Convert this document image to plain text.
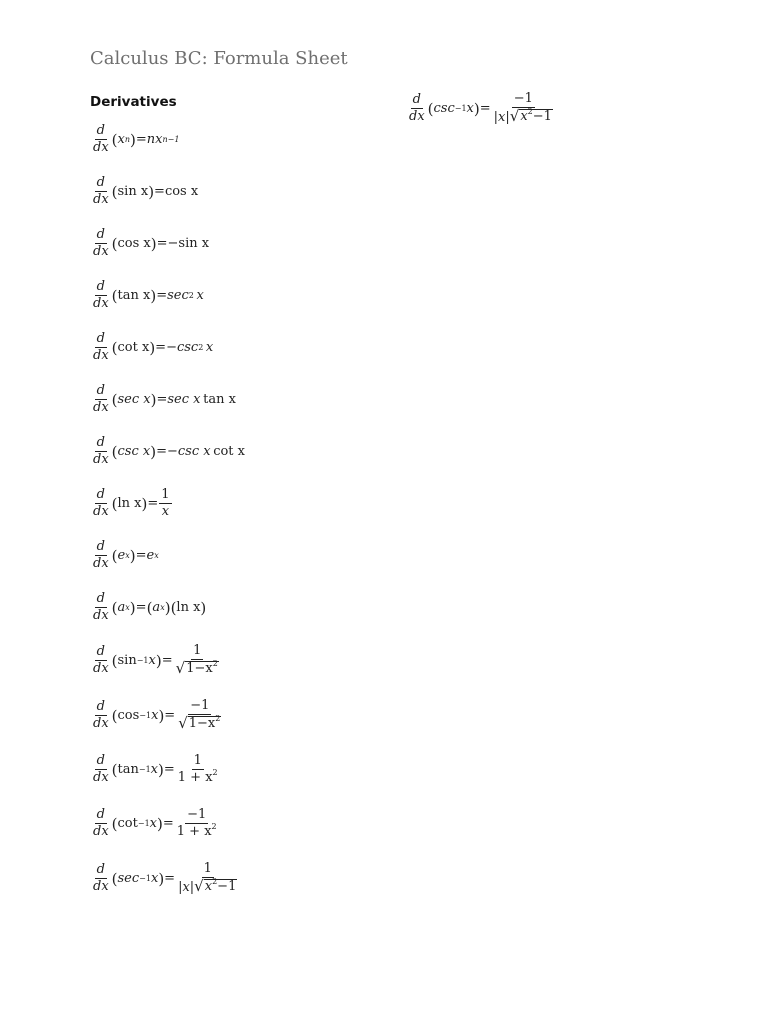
Calculus BC: Formula Sheet
Derivatives
$\frac{d}{dx}$ ( x n ) = nx n−1
$\frac{d}{dx}$ ( sin x ) = cos x
$\frac{d}{dx}$ ( cos x ) = −sin x
$\frac{d}{dx}$ ( tan x ) = sec 2
  x
$\frac{d}{dx}$ ( cot x ) = −csc 2
  x
$\frac{d}{dx}$ ( sec x ) = sec x
  tan x
$\frac{d}{dx}$ ( csc x ) = −csc x
  cot x
$\frac{d}{dx}$ ( ln x ) = $\frac{1}{x}$
$\frac{d}{dx}$ ( e x ) = e x
$\frac{d}{dx}$ ( a x ) = ( a x ) ( ln x )
$\frac{d}{dx}$ ( sin −1 x ) = $\frac{1}{√ 1-x^2}$
$\frac{d}{dx}$ ( cos −1 x ) = $\frac{-1}{√ 1-x^2}$
$\frac{d}{dx}$ ( tan −1 x ) = $\frac{1}{1 + x^2}$
$\frac{d}{dx}$ ( cot −1 x ) = $\frac{-1}{1 + x^2}$
$\frac{d}{dx}$ ( sec −1 x ) = $\frac{1}{|x| √ x^2-1}$
$\frac{d}{dx}$ ( csc −1 x ) = $\frac{-1}{|x| √ x^2-1}$
